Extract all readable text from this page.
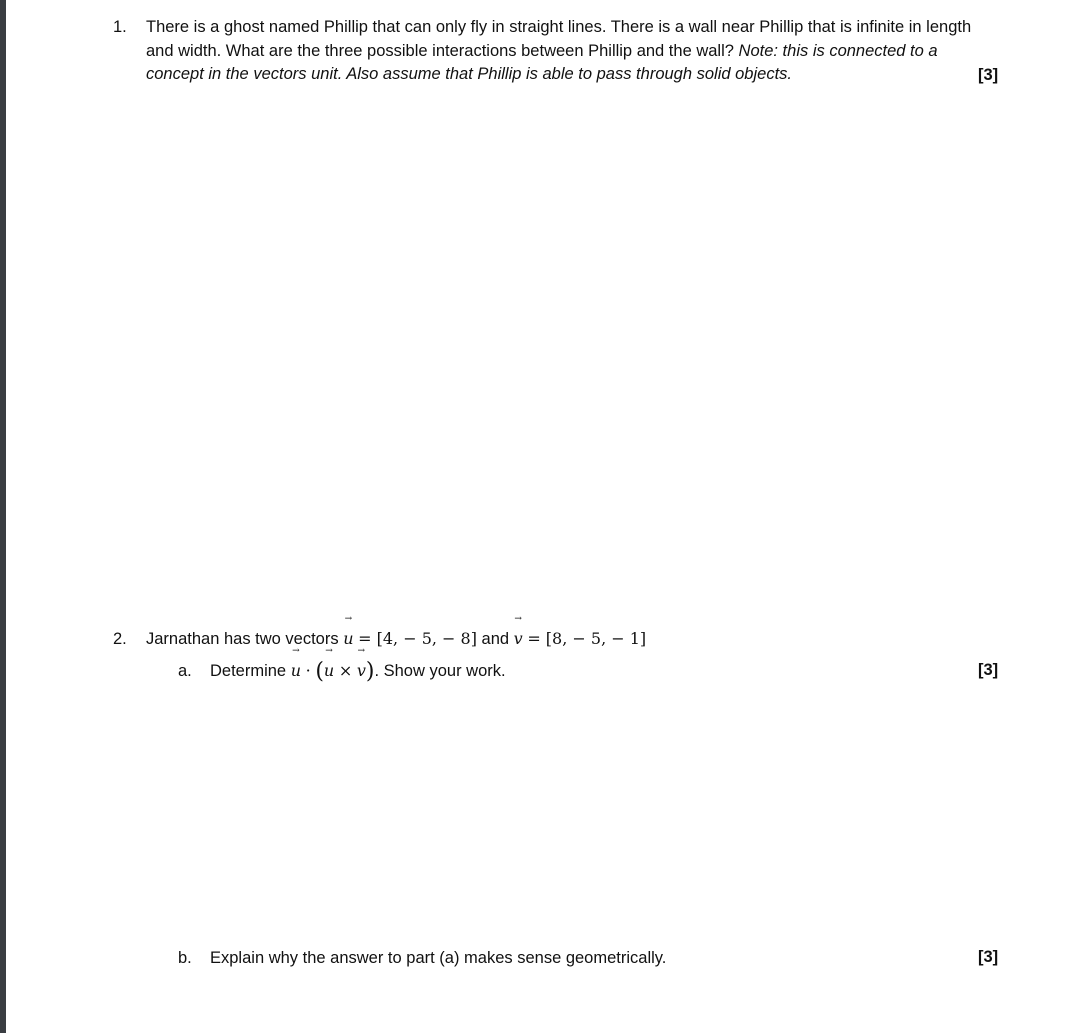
1. There is a ghost named Phillip that can only fly in straight lines. There is a wall near Phillip that is infinite in length
and width. What are the three possible interactions between Phillip and the wall? Note: this is connected to a
concept in the vectors unit. Also assume that Phillip is able to pass through solid objects.	[3]
2. Jarnathan has two vectors
→
u = [4, − 5, − 8] and
→
v = [8, − 5, − 1]
a. Determine
→
u · (
→
u ×
→
v). Show your work.	[3]
b. Explain why the answer to part (a) makes sense geometrically.	[3]
